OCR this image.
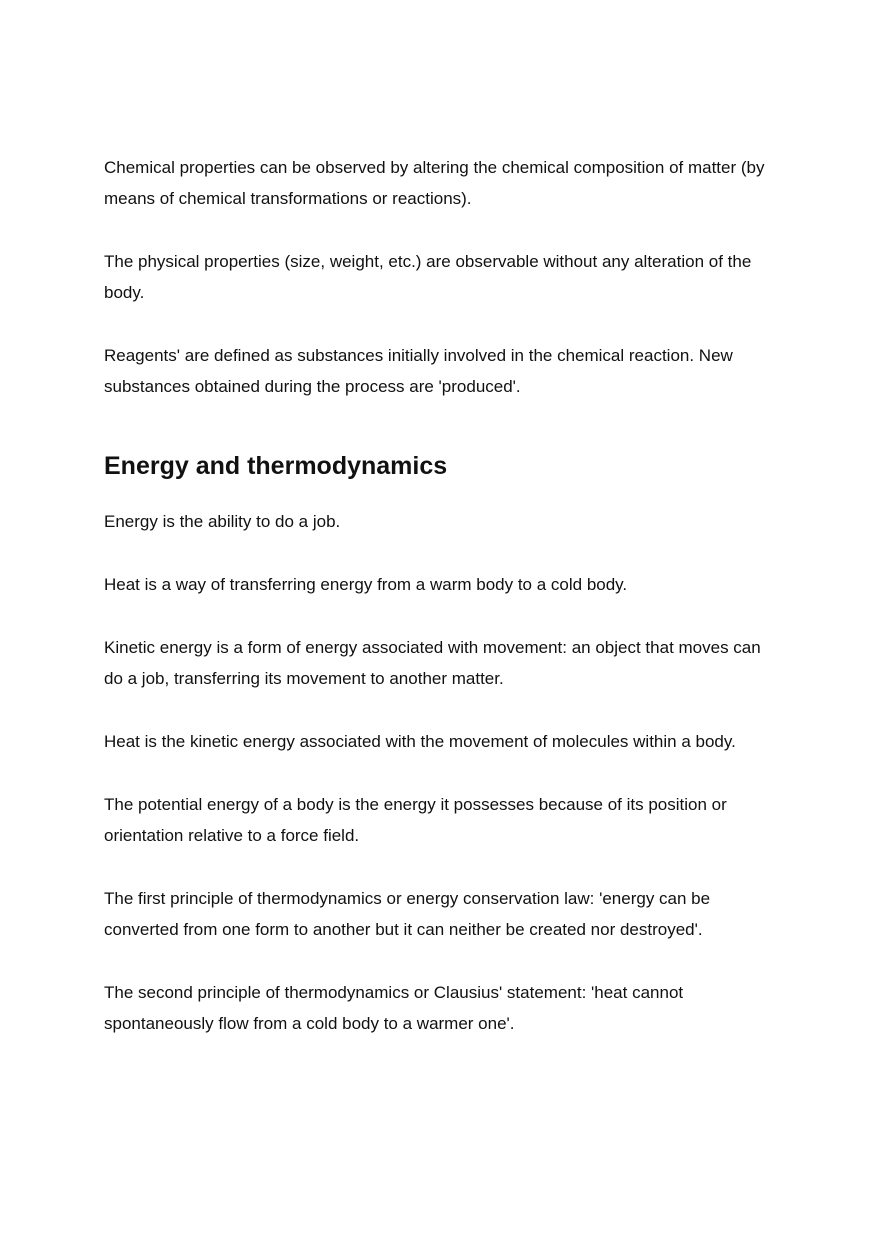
Chemical properties can be observed by altering the chemical composition of matter (by means of chemical transformations or reactions).

The physical properties (size, weight, etc.) are observable without any alteration of the body.

Reagents' are defined as substances initially involved in the chemical reaction. New substances obtained during the process are 'produced'.

Energy and thermodynamics

Energy is the ability to do a job.

Heat is a way of transferring energy from a warm body to a cold body.

Kinetic energy is a form of energy associated with movement: an object that moves can do a job, transferring its movement to another matter.

Heat is the kinetic energy associated with the movement of molecules within a body.

The potential energy of a body is the energy it possesses because of its position or orientation relative to a force field.

The first principle of thermodynamics or energy conservation law: 'energy can be converted from one form to another but it can neither be created nor destroyed'.

The second principle of thermodynamics or Clausius' statement: 'heat cannot spontaneously flow from a cold body to a warmer one'.
